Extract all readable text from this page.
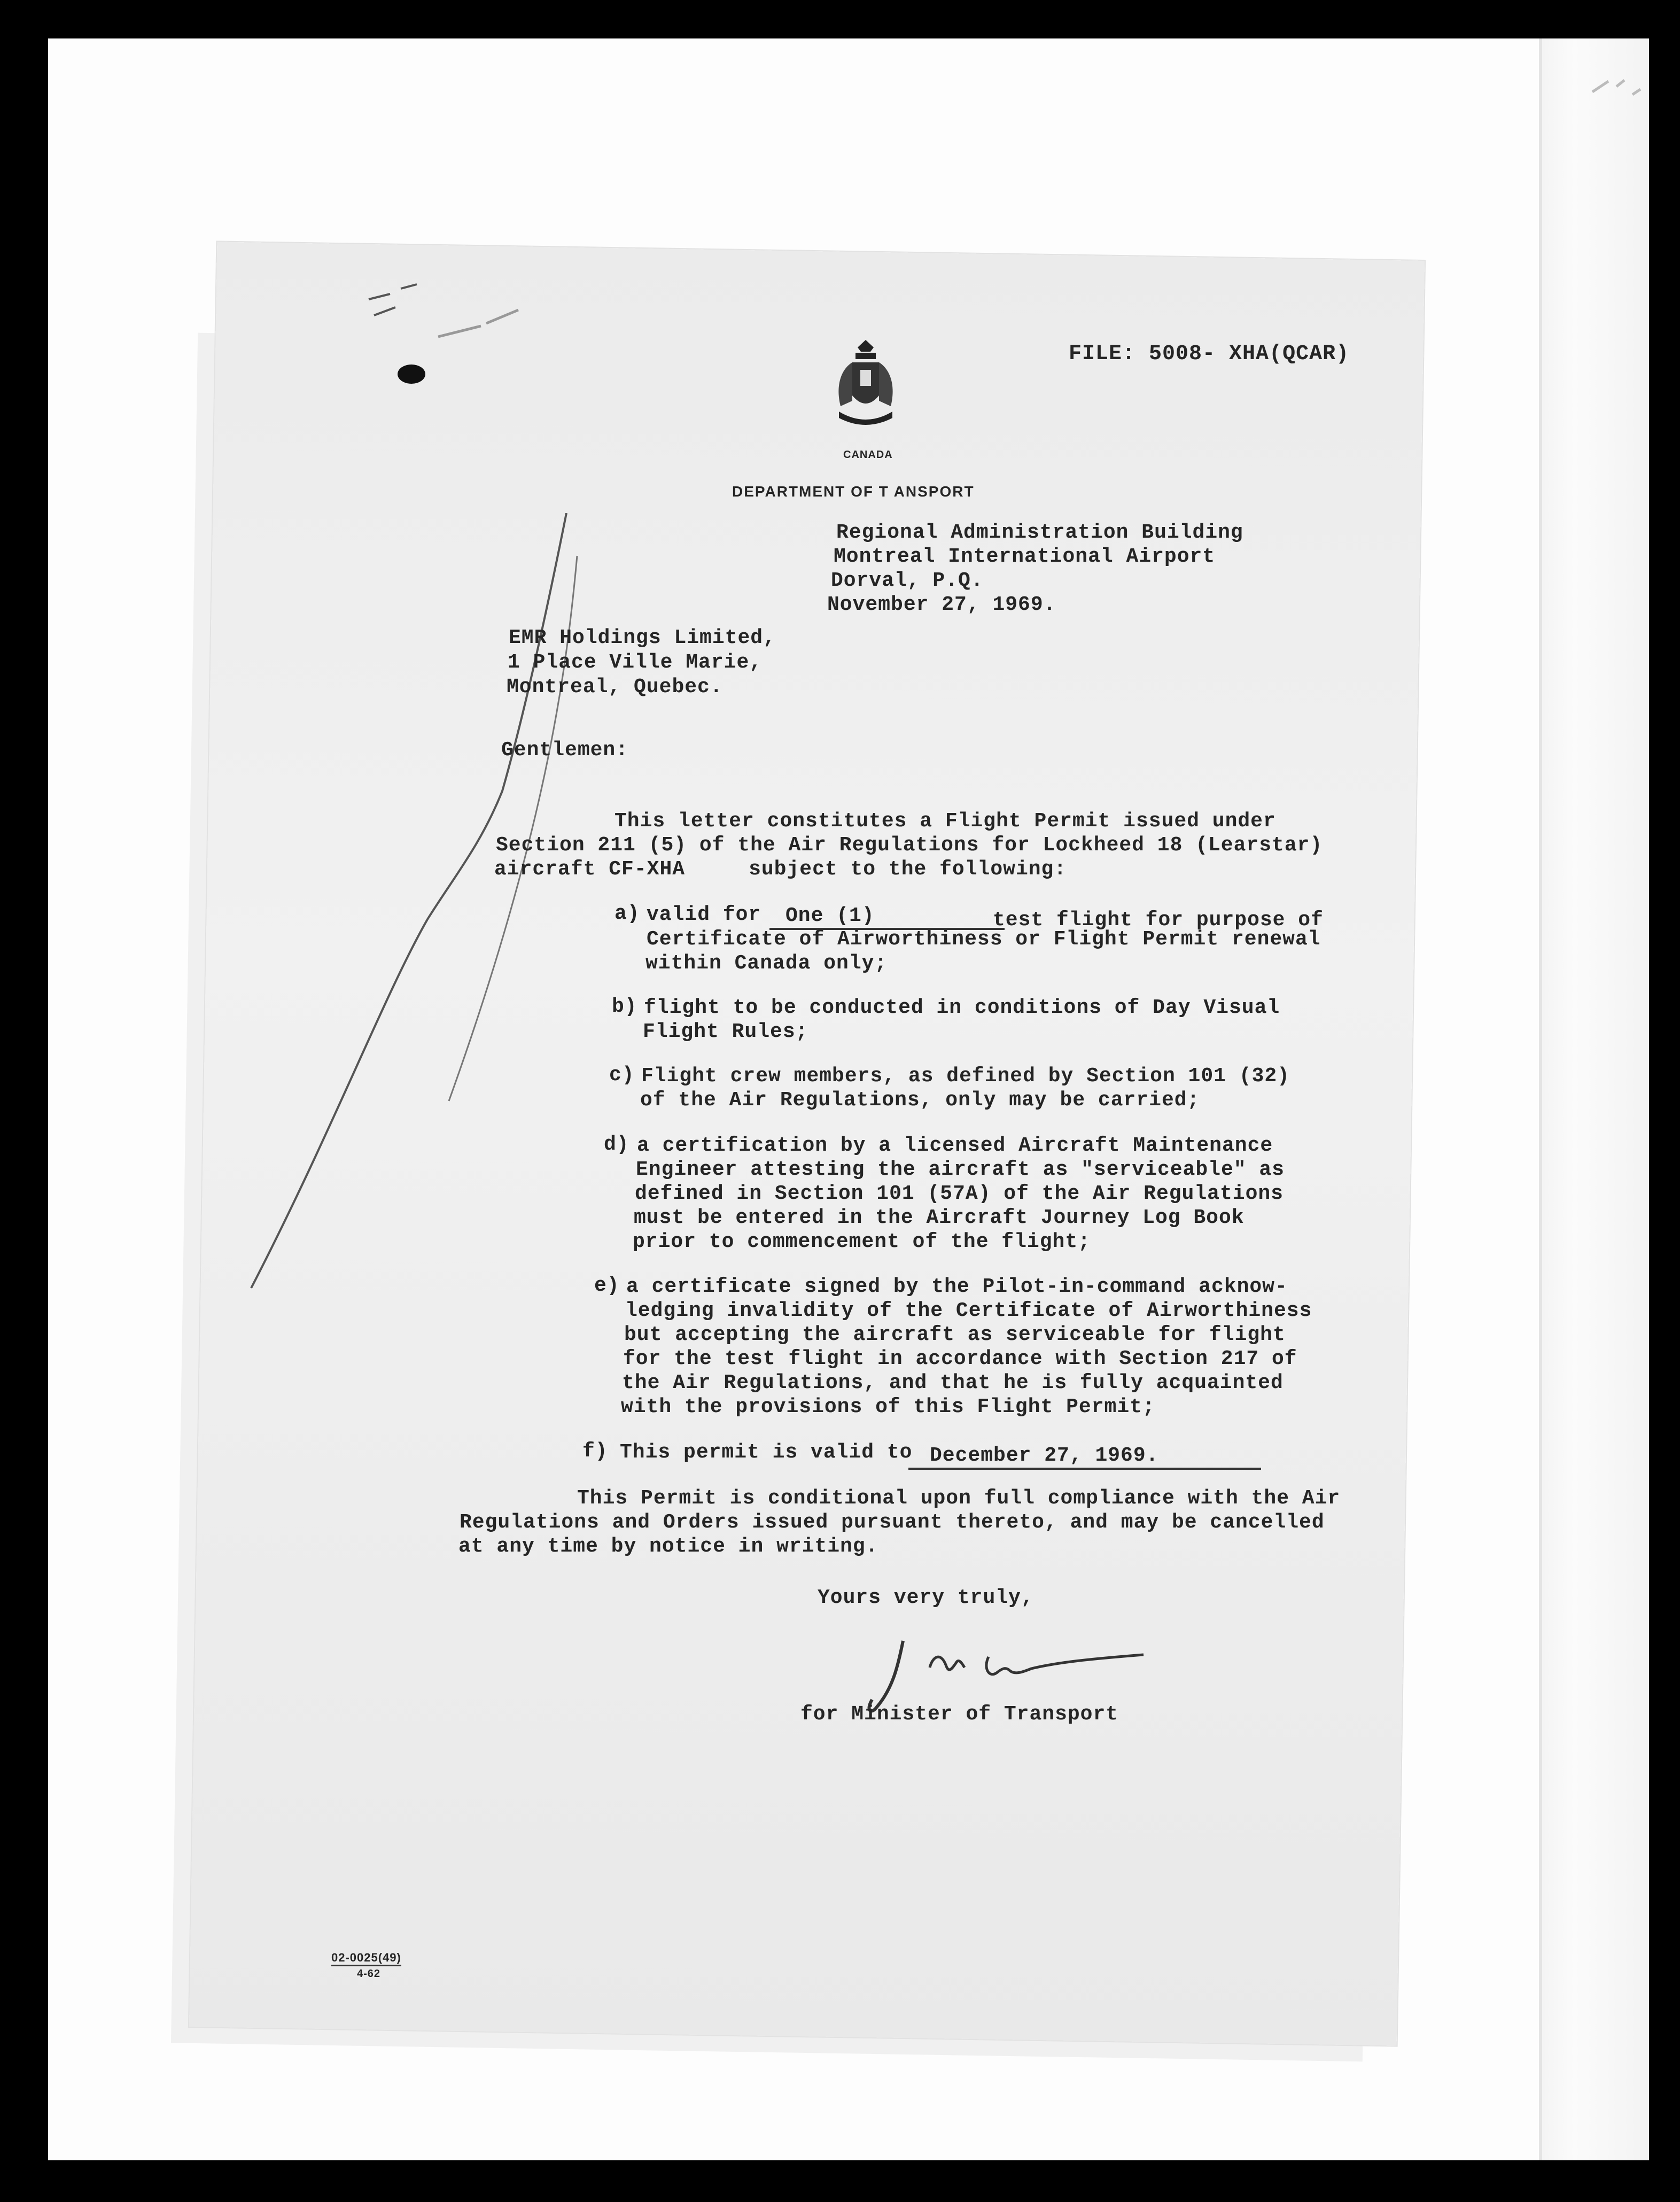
FILE: 5008- XHA(QCAR)
CANADA
DEPARTMENT OF T ANSPORT
Regional Administration Building
Montreal International Airport
Dorval, P.Q.
November 27, 1969.
EMR Holdings Limited,
1 Place Ville Marie,
Montreal, Quebec.
Gentlemen:
This letter constitutes a Flight Permit issued under
Section 211 (5) of the Air Regulations for Lockheed 18 (Learstar)
aircraft CF-XHA     subject to the following:
a) valid for	One (1)	test flight for purpose of
Certificate of Airworthiness or Flight Permit renewal
within Canada only;
b) flight to be conducted in conditions of Day Visual
Flight Rules;
c) Flight crew members, as defined by Section 101 (32)
of the Air Regulations, only may be carried;
d) a certification by a licensed Aircraft Maintenance
Engineer attesting the aircraft as "serviceable" as
defined in Section 101 (57A) of the Air Regulations
must be entered in the Aircraft Journey Log Book
prior to commencement of the flight;
e) a certificate signed by the Pilot-in-command acknow-
ledging invalidity of the Certificate of Airworthiness
but accepting the aircraft as serviceable for flight
for the test flight in accordance with Section 217 of
the Air Regulations, and that he is fully acquainted
with the provisions of this Flight Permit;
f) This permit is valid to December 27, 1969.
This Permit is conditional upon full compliance with the Air
Regulations and Orders issued pursuant thereto, and may be cancelled
at any time by notice in writing.
Yours very truly,
for Minister of Transport
02-0025(49)
4-62
